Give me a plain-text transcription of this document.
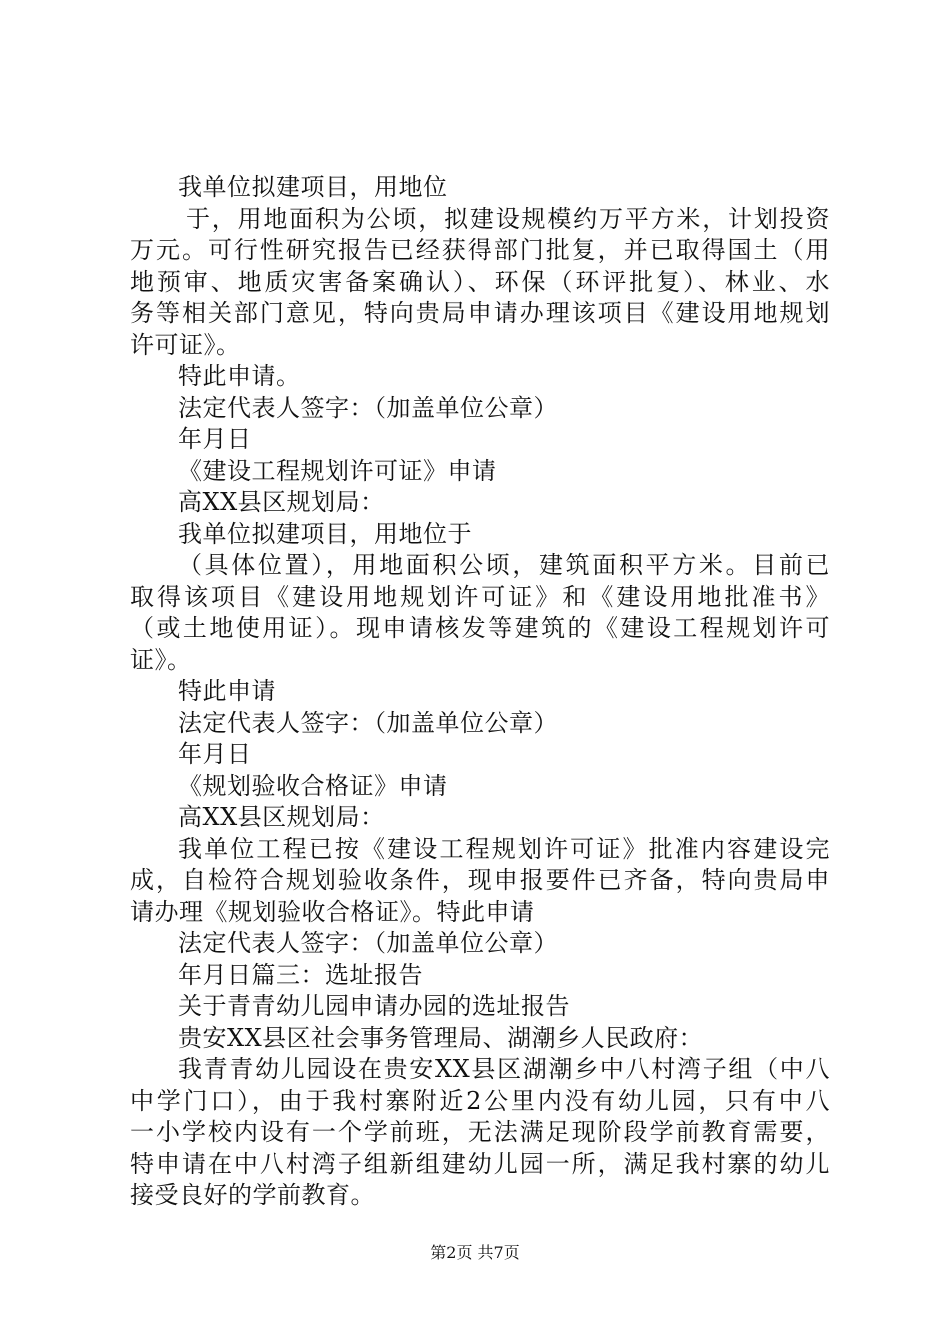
我单位拟建项目，用地位
于，用地面积为公顷，拟建设规模约万平方米，计划投资
万元。可行性研究报告已经获得部门批复，并已取得国土（用
地预审、地质灾害备案确认）、环保（环评批复）、林业、水
务等相关部门意见，特向贵局申请办理该项目《建设用地规划
许可证》。
特此申请。
法定代表人签字：（加盖单位公章）
年月日
《建设工程规划许可证》申请
高XX县区规划局：
我单位拟建项目，用地位于
（具体位置），用地面积公顷，建筑面积平方米。目前已
取得该项目《建设用地规划许可证》和《建设用地批准书》
（或土地使用证）。现申请核发等建筑的《建设工程规划许可
证》。
特此申请
法定代表人签字：（加盖单位公章）
年月日
《规划验收合格证》申请
高XX县区规划局：
我单位工程已按《建设工程规划许可证》批准内容建设完
成，自检符合规划验收条件，现申报要件已齐备，特向贵局申
请办理《规划验收合格证》。特此申请
法定代表人签字：（加盖单位公章）
年月日篇三：选址报告
关于青青幼儿园申请办园的选址报告
贵安XX县区社会事务管理局、湖潮乡人民政府：
我青青幼儿园设在贵安XX县区湖潮乡中八村湾子组（中八
中学门口），由于我村寨附近2公里内没有幼儿园，只有中八
一小学校内设有一个学前班，无法满足现阶段学前教育需要，
特申请在中八村湾子组新组建幼儿园一所，满足我村寨的幼儿
接受良好的学前教育。
第2页 共7页
